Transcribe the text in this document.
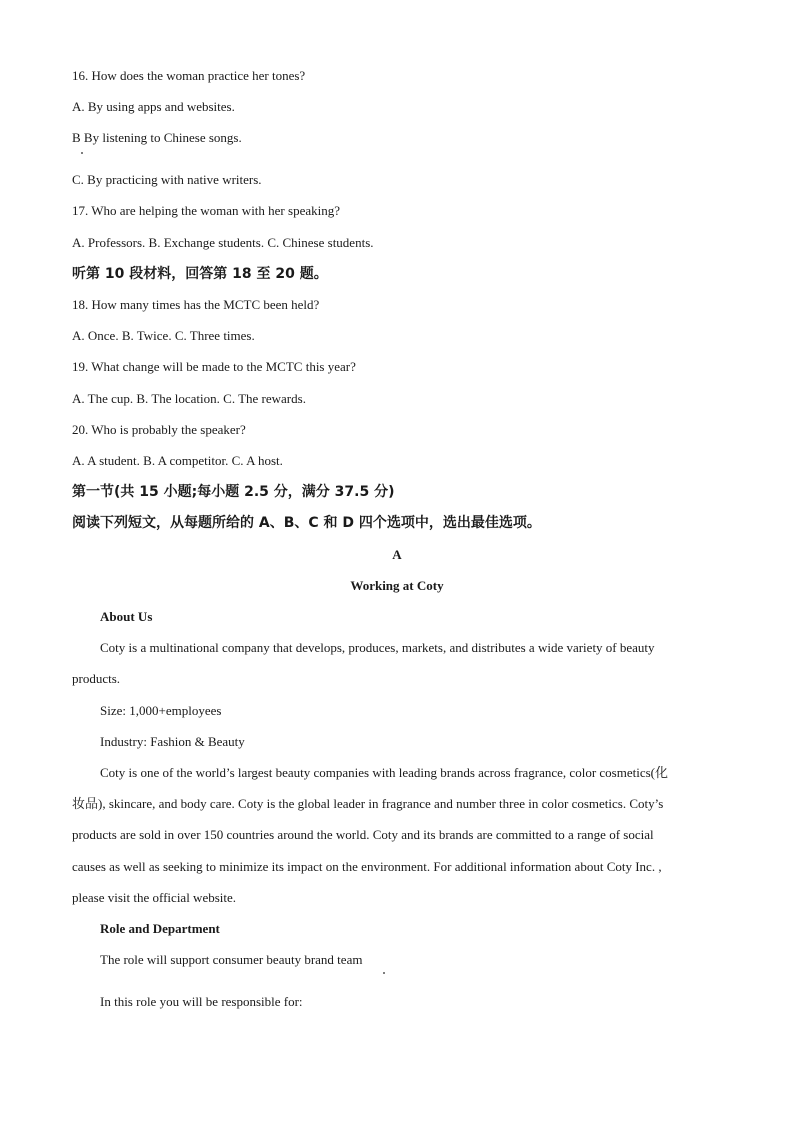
16. How does the woman practice her tones?
A. By using apps and websites.
B By listening to Chinese songs.
C. By practicing with native writers.
17. Who are helping the woman with her speaking?
A. Professors. B. Exchange students. C. Chinese students.
听第 10 段材料，回答第 18 至 20 题。
18. How many times has the MCTC been held?
A. Once. B. Twice. C. Three times.
19. What change will be made to the MCTC this year?
A. The cup. B. The location. C. The rewards.
20. Who is probably the speaker?
A. A student. B. A competitor. C. A host.
第一节(共 15 小题;每小题 2.5 分，满分 37.5 分)
阅读下列短文，从每题所给的 A、B、C 和 D 四个选项中，选出最佳选项。
A
Working at Coty
About Us
Coty is a multinational company that develops, produces, markets, and distributes a wide variety of beauty
products.
Size: 1,000+employees
Industry: Fashion & Beauty
Coty is one of the world’s largest beauty companies with leading brands across fragrance, color cosmetics(化
妆品), skincare, and body care. Coty is the global leader in fragrance and number three in color cosmetics. Coty’s
products are sold in over 150 countries around the world. Coty and its brands are committed to a range of social
causes as well as seeking to minimize its impact on the environment. For additional information about Coty Inc. ,
please visit the official website.
Role and Department
The role will support consumer beauty brand team
In this role you will be responsible for:
